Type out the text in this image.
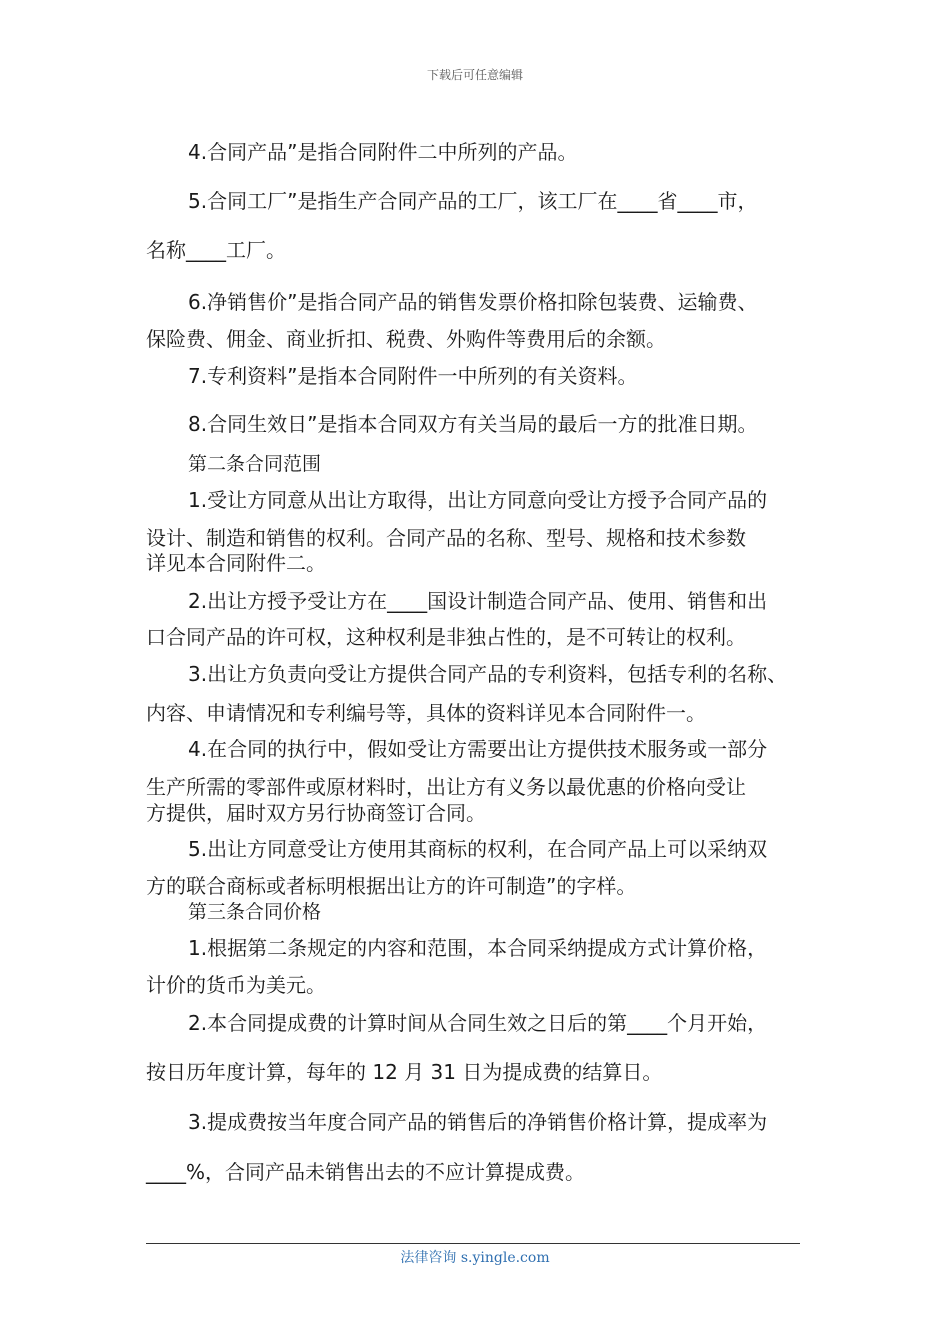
下载后可任意编辑
4.合同产品”是指合同附件二中所列的产品。
5.合同工厂”是指生产合同产品的工厂，该工厂在____省____市，
名称____工厂。
6.净销售价”是指合同产品的销售发票价格扣除包装费、运输费、
保险费、佣金、商业折扣、税费、外购件等费用后的余额。
7.专利资料”是指本合同附件一中所列的有关资料。
8.合同生效日”是指本合同双方有关当局的最后一方的批准日期。
第二条合同范围
1.受让方同意从出让方取得，出让方同意向受让方授予合同产品的
设计、制造和销售的权利。合同产品的名称、型号、规格和技术参数
详见本合同附件二。
2.出让方授予受让方在____国设计制造合同产品、使用、销售和出
口合同产品的许可权，这种权利是非独占性的，是不可转让的权利。
3.出让方负责向受让方提供合同产品的专利资料，包括专利的名称、
内容、申请情况和专利编号等，具体的资料详见本合同附件一。
4.在合同的执行中，假如受让方需要出让方提供技术服务或一部分
生产所需的零部件或原材料时，出让方有义务以最优惠的价格向受让
方提供，届时双方另行协商签订合同。
5.出让方同意受让方使用其商标的权利，在合同产品上可以采纳双
方的联合商标或者标明根据出让方的许可制造”的字样。
第三条合同价格
1.根据第二条规定的内容和范围，本合同采纳提成方式计算价格，
计价的货币为美元。
2.本合同提成费的计算时间从合同生效之日后的第____个月开始，
按日历年度计算，每年的 12 月 31 日为提成费的结算日。
3.提成费按当年度合同产品的销售后的净销售价格计算，提成率为
____%，合同产品未销售出去的不应计算提成费。
法律咨询 s.yingle.com
